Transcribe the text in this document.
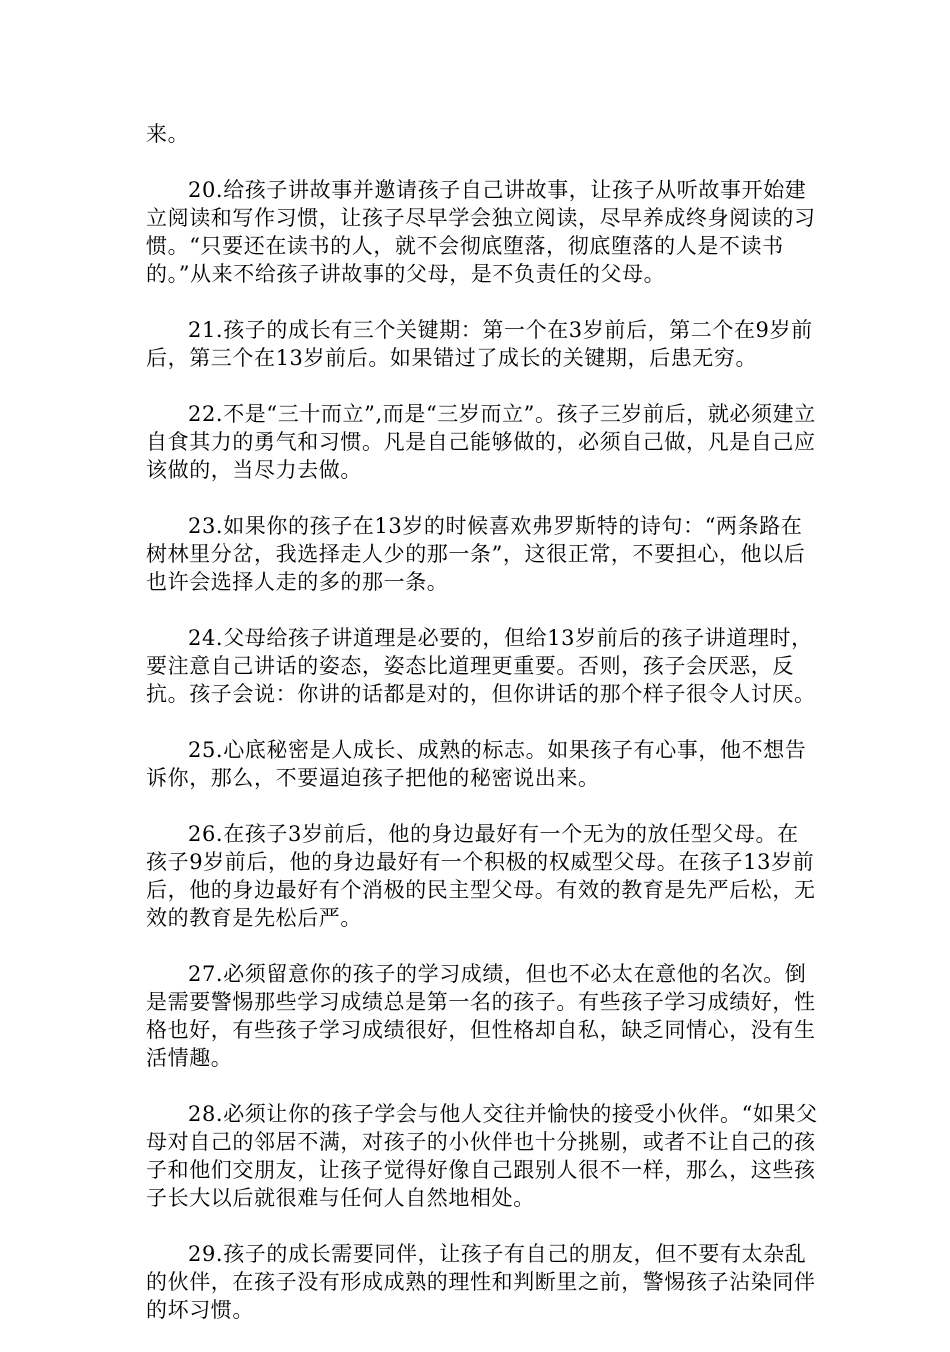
来。

20.给孩子讲故事并邀请孩子自己讲故事，让孩子从听故事开始建立阅读和写作习惯，让孩子尽早学会独立阅读，尽早养成终身阅读的习惯。“只要还在读书的人，就不会彻底堕落，彻底堕落的人是不读书的。”从来不给孩子讲故事的父母，是不负责任的父母。

21.孩子的成长有三个关键期：第一个在3岁前后，第二个在9岁前后，第三个在13岁前后。如果错过了成长的关键期，后患无穷。

22.不是“三十而立”,而是“三岁而立”。孩子三岁前后，就必须建立自食其力的勇气和习惯。凡是自己能够做的，必须自己做，凡是自己应该做的，当尽力去做。

23.如果你的孩子在13岁的时候喜欢弗罗斯特的诗句：“两条路在树林里分岔，我选择走人少的那一条”，这很正常，不要担心，他以后也许会选择人走的多的那一条。

24.父母给孩子讲道理是必要的，但给13岁前后的孩子讲道理时，要注意自己讲话的姿态，姿态比道理更重要。否则，孩子会厌恶，反抗。孩子会说：你讲的话都是对的，但你讲话的那个样子很令人讨厌。

25.心底秘密是人成长、成熟的标志。如果孩子有心事，他不想告诉你，那么，不要逼迫孩子把他的秘密说出来。

26.在孩子3岁前后，他的身边最好有一个无为的放任型父母。在孩子9岁前后，他的身边最好有一个积极的权威型父母。在孩子13岁前后，他的身边最好有个消极的民主型父母。有效的教育是先严后松，无效的教育是先松后严。

27.必须留意你的孩子的学习成绩，但也不必太在意他的名次。倒是需要警惕那些学习成绩总是第一名的孩子。有些孩子学习成绩好，性格也好，有些孩子学习成绩很好，但性格却自私，缺乏同情心，没有生活情趣。

28.必须让你的孩子学会与他人交往并愉快的接受小伙伴。“如果父母对自己的邻居不满，对孩子的小伙伴也十分挑剔，或者不让自己的孩子和他们交朋友，让孩子觉得好像自己跟别人很不一样，那么，这些孩子长大以后就很难与任何人自然地相处。

29.孩子的成长需要同伴，让孩子有自己的朋友，但不要有太杂乱的伙伴，在孩子没有形成成熟的理性和判断里之前，警惕孩子沾染同伴的坏习惯。
